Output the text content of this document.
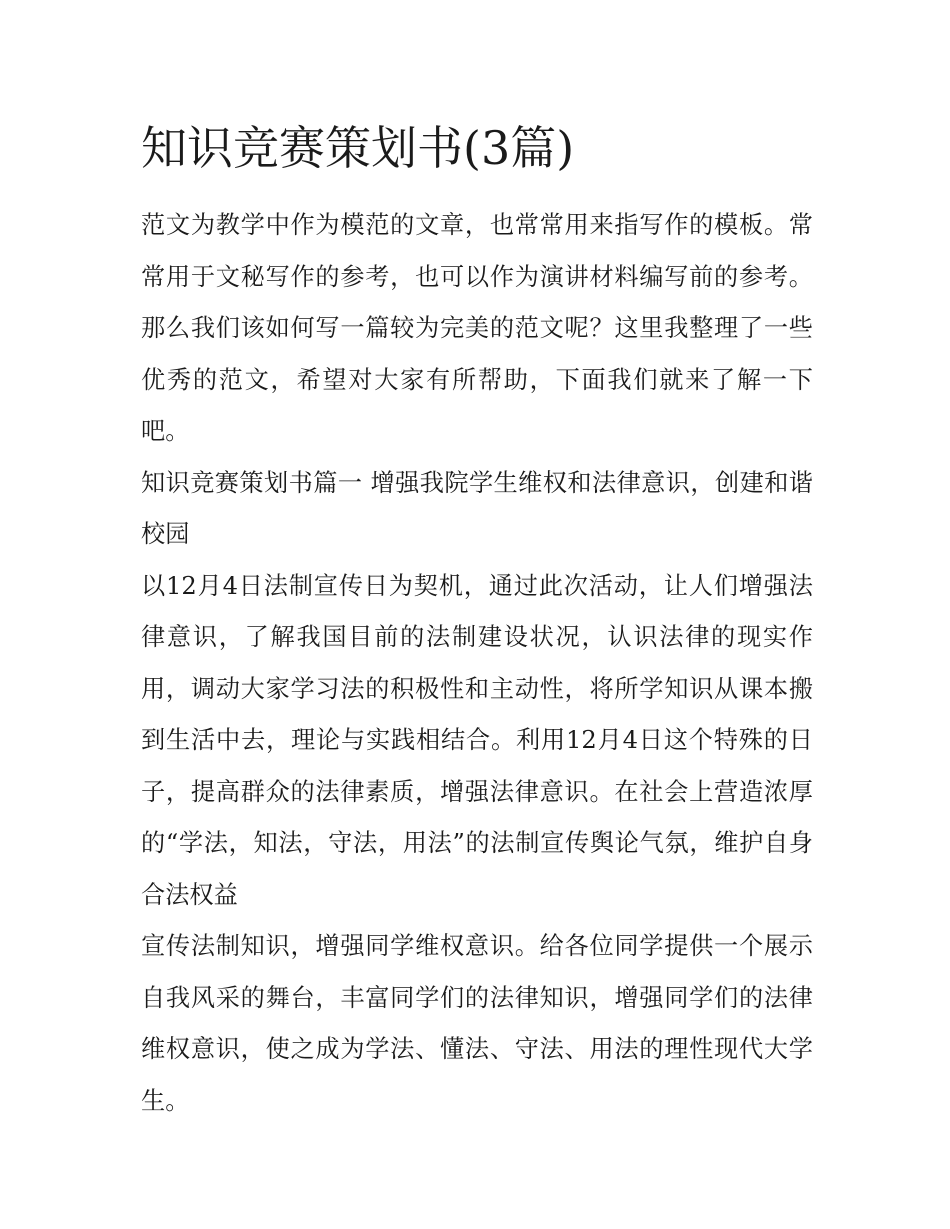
知识竞赛策划书(3篇)

范文为教学中作为模范的文章，也常常用来指写作的模板。常常用于文秘写作的参考，也可以作为演讲材料编写前的参考。那么我们该如何写一篇较为完美的范文呢？这里我整理了一些优秀的范文，希望对大家有所帮助，下面我们就来了解一下吧。

知识竞赛策划书篇一 增强我院学生维权和法律意识，创建和谐校园

以12月4日法制宣传日为契机，通过此次活动，让人们增强法律意识，了解我国目前的法制建设状况，认识法律的现实作用，调动大家学习法的积极性和主动性，将所学知识从课本搬到生活中去，理论与实践相结合。利用12月4日这个特殊的日子，提高群众的法律素质，增强法律意识。在社会上营造浓厚的“学法，知法，守法，用法”的法制宣传舆论气氛，维护自身合法权益

宣传法制知识，增强同学维权意识。给各位同学提供一个展示自我风采的舞台，丰富同学们的法律知识，增强同学们的法律维权意识，使之成为学法、懂法、守法、用法的理性现代大学生。
